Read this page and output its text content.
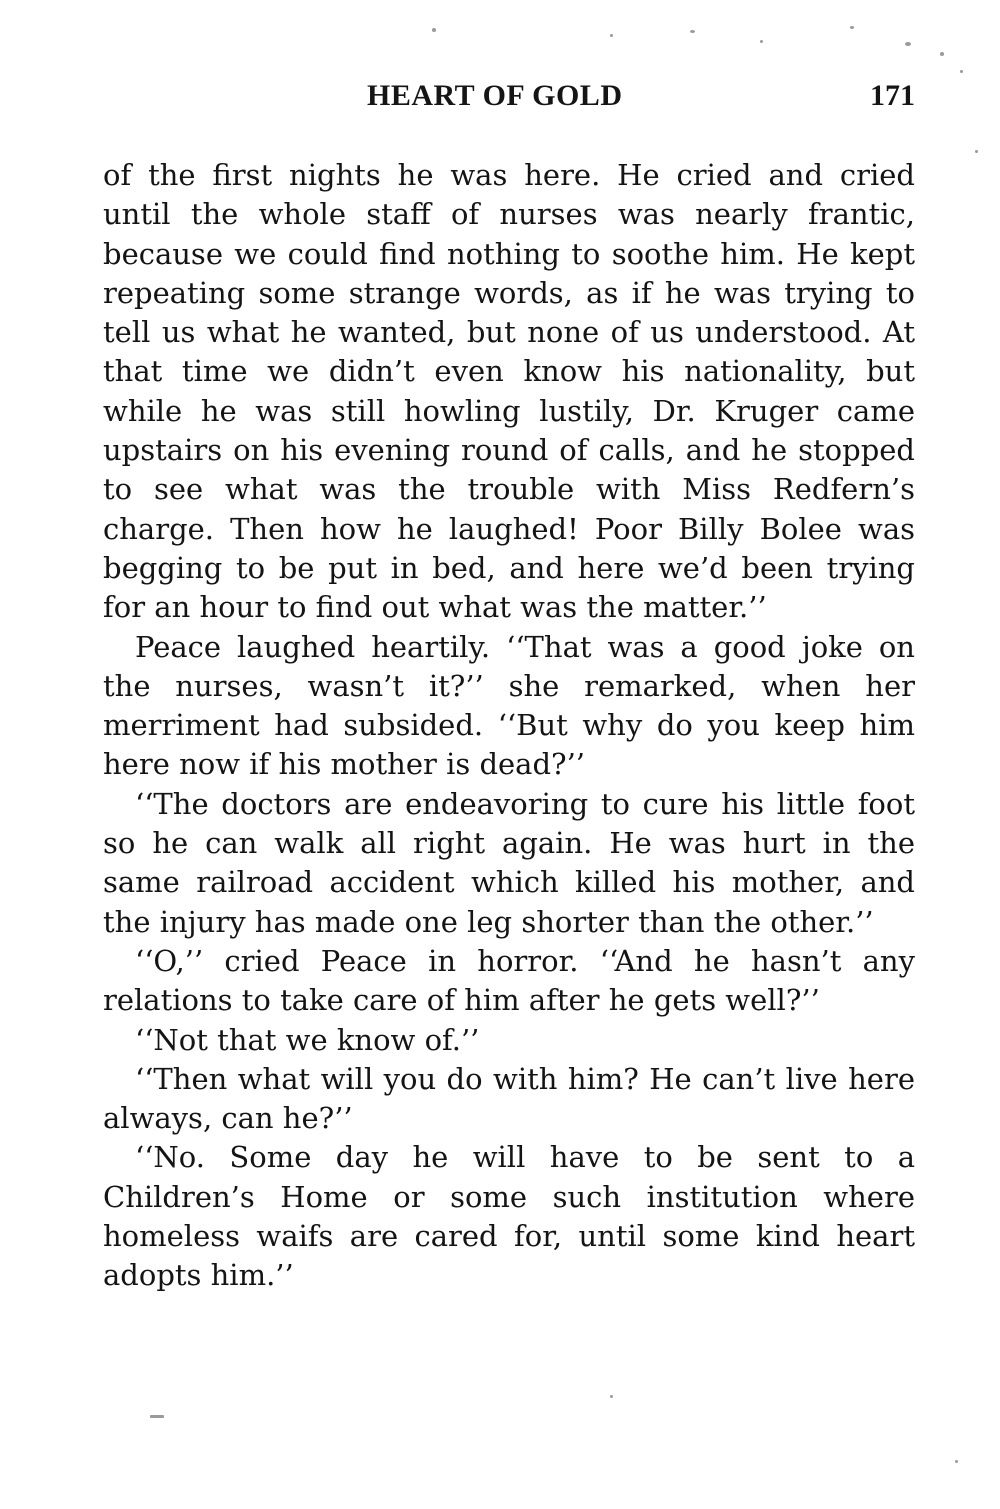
HEART OF GOLD	171

of the first nights he was here. He cried and cried until the whole staff of nurses was nearly frantic, because we could find nothing to soothe him. He kept repeating some strange words, as if he was trying to tell us what he wanted, but none of us understood. At that time we didn’t even know his nationality, but while he was still howling lustily, Dr. Kruger came upstairs on his evening round of calls, and he stopped to see what was the trouble with Miss Redfern’s charge. Then how he laughed! Poor Billy Bolee was begging to be put in bed, and here we’d been trying for an hour to find out what was the matter.’’

Peace laughed heartily. ‘‘That was a good joke on the nurses, wasn’t it?’’ she remarked, when her merriment had subsided. ‘‘But why do you keep him here now if his mother is dead?’’

‘‘The doctors are endeavoring to cure his little foot so he can walk all right again. He was hurt in the same railroad accident which killed his mother, and the injury has made one leg shorter than the other.’’

‘‘O,’’ cried Peace in horror. ‘‘And he hasn’t any relations to take care of him after he gets well?’’

‘‘Not that we know of.’’

‘‘Then what will you do with him? He can’t live here always, can he?’’

‘‘No. Some day he will have to be sent to a Children’s Home or some such institution where homeless waifs are cared for, until some kind heart adopts him.’’
